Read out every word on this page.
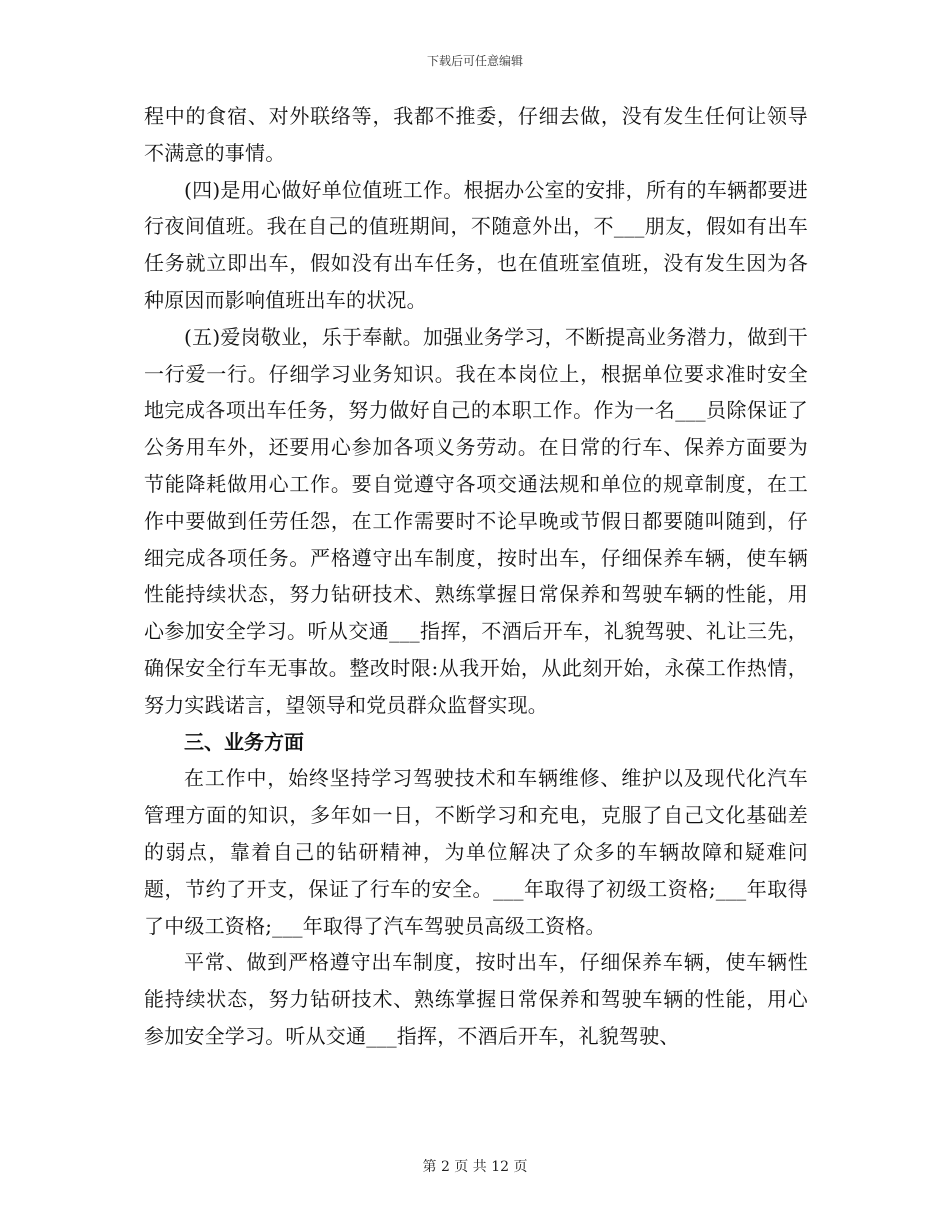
下载后可任意编辑

程中的食宿、对外联络等，我都不推委，仔细去做，没有发生任何让领导不满意的事情。

(四)是用心做好单位值班工作。根据办公室的安排，所有的车辆都要进行夜间值班。我在自己的值班期间，不随意外出，不___朋友，假如有出车任务就立即出车，假如没有出车任务，也在值班室值班，没有发生因为各种原因而影响值班出车的状况。

(五)爱岗敬业，乐于奉献。加强业务学习，不断提高业务潜力，做到干一行爱一行。仔细学习业务知识。我在本岗位上，根据单位要求准时安全地完成各项出车任务，努力做好自己的本职工作。作为一名___员除保证了公务用车外，还要用心参加各项义务劳动。在日常的行车、保养方面要为节能降耗做用心工作。要自觉遵守各项交通法规和单位的规章制度，在工作中要做到任劳任怨，在工作需要时不论早晚或节假日都要随叫随到，仔细完成各项任务。严格遵守出车制度，按时出车，仔细保养车辆，使车辆性能持续状态，努力钻研技术、熟练掌握日常保养和驾驶车辆的性能，用心参加安全学习。听从交通___指挥，不酒后开车，礼貌驾驶、礼让三先，确保安全行车无事故。整改时限:从我开始，从此刻开始，永葆工作热情，努力实践诺言，望领导和党员群众监督实现。

三、业务方面

在工作中，始终坚持学习驾驶技术和车辆维修、维护以及现代化汽车管理方面的知识，多年如一日，不断学习和充电，克服了自己文化基础差的弱点，靠着自己的钻研精神，为单位解决了众多的车辆故障和疑难问题，节约了开支，保证了行车的安全。___年取得了初级工资格;___年取得了中级工资格;___年取得了汽车驾驶员高级工资格。

平常、做到严格遵守出车制度，按时出车，仔细保养车辆，使车辆性能持续状态，努力钻研技术、熟练掌握日常保养和驾驶车辆的性能，用心参加安全学习。听从交通___指挥，不酒后开车，礼貌驾驶、

第 2 页 共 12 页
